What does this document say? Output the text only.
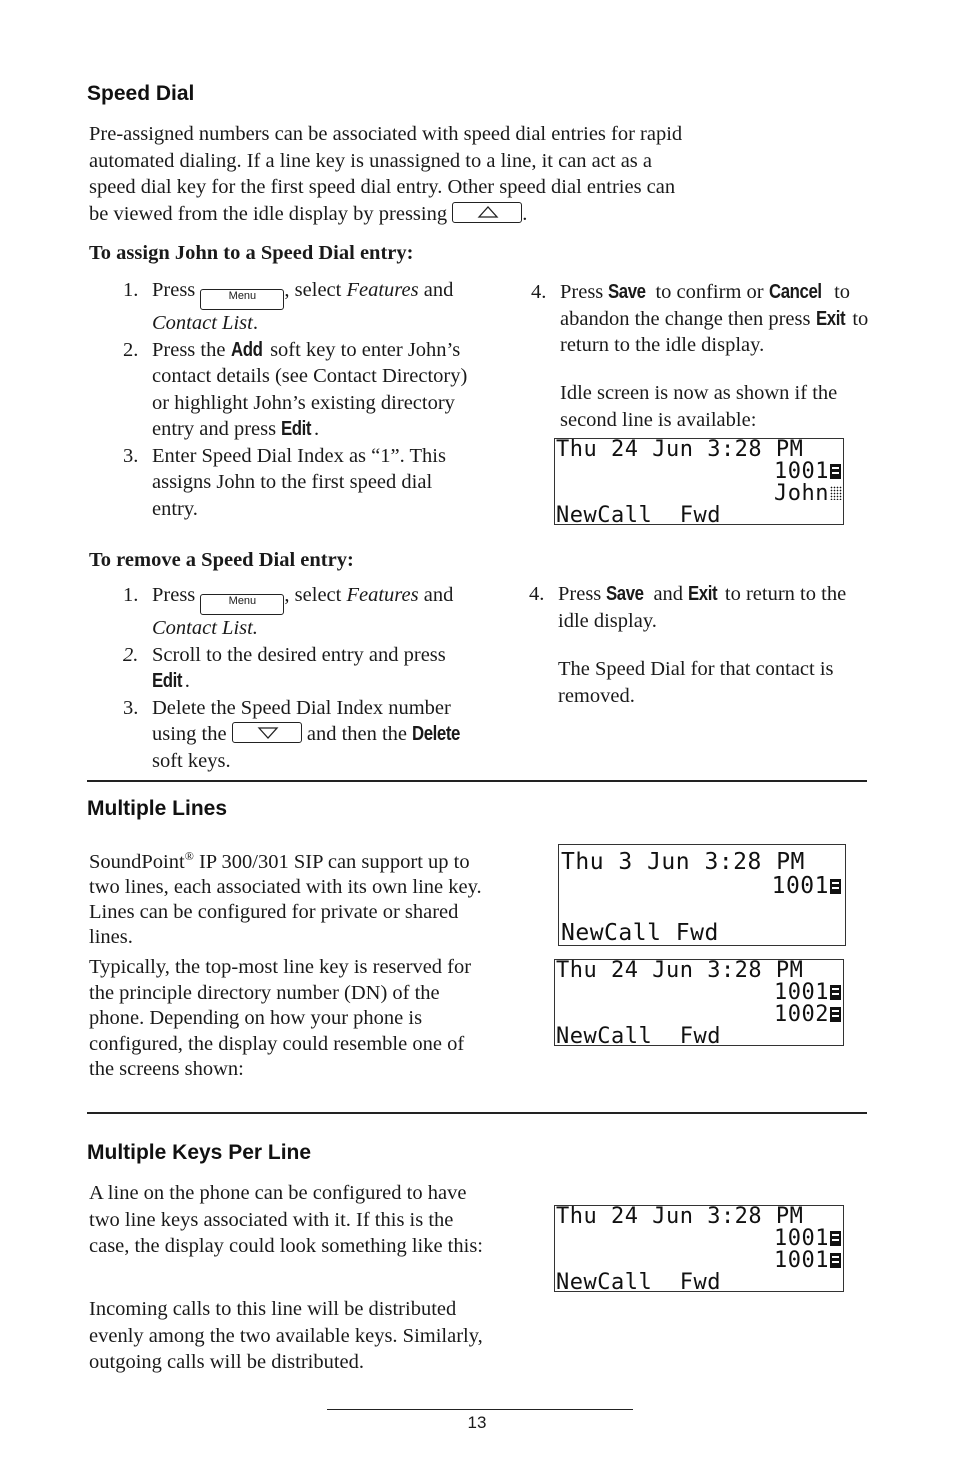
Speed Dial

Pre-assigned numbers can be associated with speed dial entries for rapid automated dialing. If a line key is unassigned to a line, it can act as a speed dial key for the first speed dial entry. Other speed dial entries can be viewed from the idle display by pressing	.

To assign John to a Speed Dial entry:

1. Press	Menu	, select Features and Contact List.
2. Press the Add soft key to enter John’s contact details (see Contact Directory) or highlight John’s existing directory entry and press Edit .
3. Enter Speed Dial Index as “1”. This assigns John to the first speed dial entry.
4. Press Save to confirm or Cancel to abandon the change then press Exit to return to the idle display.

Idle screen is now as shown if the second line is available:

Thu 24 Jun 3:28 PM
1001
John
NewCall  Fwd

To remove a Speed Dial entry:

1. Press	Menu	, select Features and Contact List.
2. Scroll to the desired entry and press Edit .
3. Delete the Speed Dial Index number using the	and then the Delete soft keys.
4. Press Save and Exit to return to the idle display.

The Speed Dial for that contact is removed.

Multiple Lines

SoundPoint® IP 300/301 SIP can support up to two lines, each associated with its own line key. Lines can be configured for private or shared lines.

Typically, the top-most line key is reserved for the principle directory number (DN) of the phone. Depending on how your phone is configured, the display could resemble one of the screens shown:

Thu 3 Jun 3:28 PM
1001
NewCall Fwd
Thu 24 Jun 3:28 PM
1001
1002
NewCall  Fwd
Multiple Keys Per Line

A line on the phone can be configured to have two line keys associated with it. If this is the case, the display could look something like this:

Incoming calls to this line will be distributed evenly among the two available keys. Similarly, outgoing calls will be distributed.

Thu 24 Jun 3:28 PM
1001
1001
NewCall  Fwd
13
